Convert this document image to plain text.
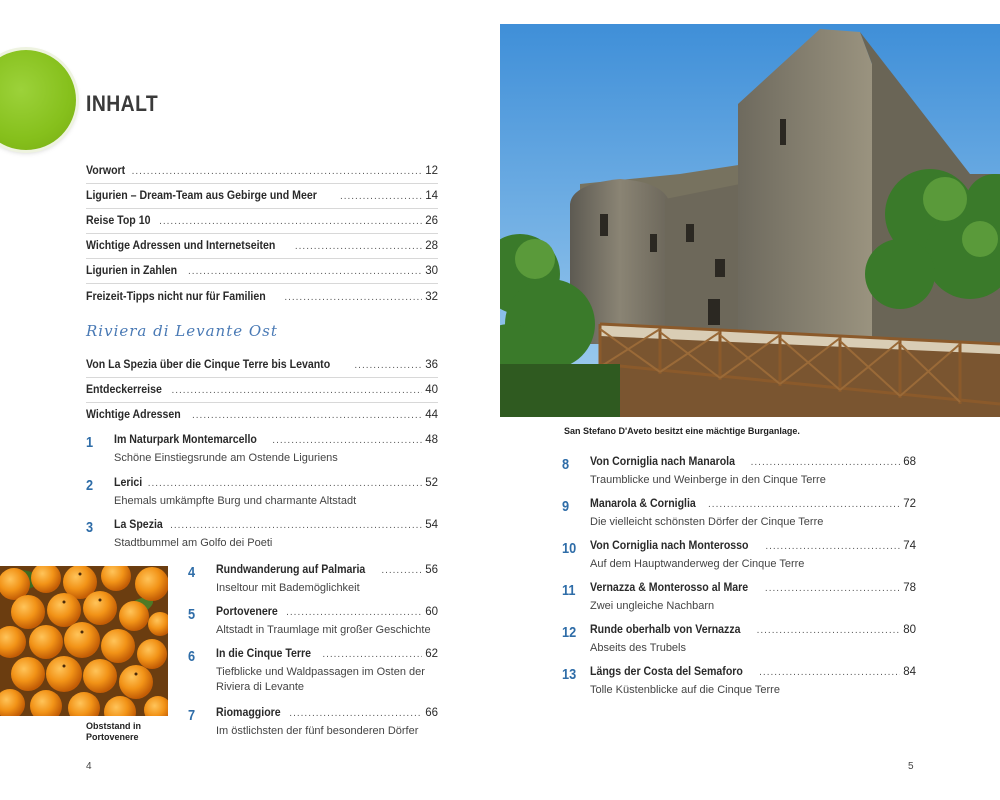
INHALT
Vorwort .....	12
Ligurien – Dream-Team aus Gebirge und Meer .....	14
Reise Top 10 .....	26
Wichtige Adressen und Internetseiten .....	28
Ligurien in Zahlen .....	30
Freizeit-Tipps nicht nur für Familien .....	32
Riviera di Levante Ost
Von La Spezia über die Cinque Terre bis Levanto .....	36
Entdeckerreise .....	40
Wichtige Adressen .....	44
1 Im Naturpark Montemarcello .....	48
Schöne Einstiegsrunde am Ostende Liguriens
2 Lerici .....	52
Ehemals umkämpfte Burg und charmante Altstadt
3 La Spezia .....	54
Stadtbummel am Golfo dei Poeti
Obststand in
Portovenere
4 Rundwanderung auf Palmaria .....	56
Inseltour mit Bademöglichkeit
5 Portovenere .....	60
Altstadt in Traumlage mit großer Geschichte
6 In die Cinque Terre .....	62
Tiefblicke und Waldpassagen im Osten der
Riviera di Levante
7 Riomaggiore .....	66
Im östlichsten der fünf besonderen Dörfer
4
San Stefano D'Aveto besitzt eine mächtige Burganlage.
8 Von Corniglia nach Manarola .....	68
Traumblicke und Weinberge in den Cinque Terre
9 Manarola & Corniglia .....	72
Die vielleicht schönsten Dörfer der Cinque Terre
10 Von Corniglia nach Monterosso .....	74
Auf dem Hauptwanderweg der Cinque Terre
11 Vernazza & Monterosso al Mare .....	78
Zwei ungleiche Nachbarn
12 Runde oberhalb von Vernazza .....	80
Abseits des Trubels
13 Längs der Costa del Semaforo .....	84
Tolle Küstenblicke auf die Cinque Terre
5
